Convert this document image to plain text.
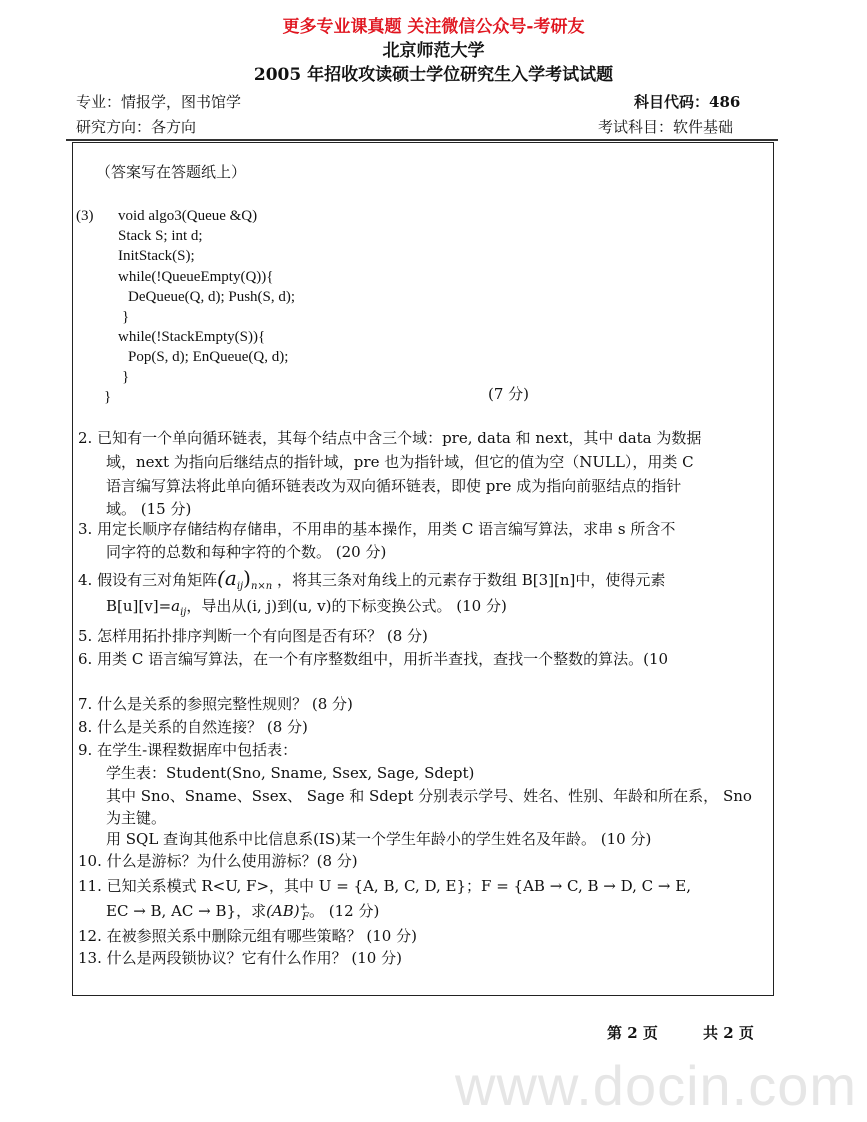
www.docin.com
更多专业课真题 关注微信公众号-考研友
北京师范大学
2005 年招收攻读硕士学位研究生入学考试试题
专业：情报学，图书馆学	科目代码：486
研究方向：各方向	考试科目：软件基础
（答案写在答题纸上）
(3) void algo3(Queue &Q)
Stack S; int d;
InitStack(S);
while(!QueueEmpty(Q)){
DeQueue(Q, d); Push(S, d);
}
while(!StackEmpty(S)){
Pop(S, d); EnQueue(Q, d);
}
}	(7 分)
2. 已知有一个单向循环链表，其每个结点中含三个域：pre, data 和 next，其中 data 为数据
域，next 为指向后继结点的指针域，pre 也为指针域，但它的值为空（NULL），用类 C
语言编写算法将此单向循环链表改为双向循环链表，即使 pre 成为指向前驱结点的指针
域。 (15 分)
3. 用定长顺序存储结构存储串，不用串的基本操作，用类 C 语言编写算法，求串 s 所含不
同字符的总数和每种字符的个数。 (20 分)
4. 假设有三对角矩阵$(a_{ij})_{n\times n}$ ，将其三条对角线上的元素存于数组 B[3][n]中，使得元素
$B[u][v]=a_{ij}$，导出从(i, j)到(u, v)的下标变换公式。 (10 分)
5. 怎样用拓扑排序判断一个有向图是否有环？ (8 分)
6. 用类 C 语言编写算法，在一个有序整数组中，用折半查找，查找一个整数的算法。(10
7. 什么是关系的参照完整性规则？ (8 分)
8. 什么是关系的自然连接？ (8 分)
9. 在学生-课程数据库中包括表：
学生表：Student(Sno, Sname, Ssex, Sage, Sdept)
其中 Sno、Sname、Ssex、 Sage 和 Sdept 分别表示学号、姓名、性别、年龄和所在系， Sno
为主键。
用 SQL 查询其他系中比信息系(IS)某一个学生年龄小的学生姓名及年龄。 (10 分)
10. 什么是游标？为什么使用游标？(8 分)
11. 已知关系模式 R<U, F>，其中 U = {A, B, C, D, E}；F = {AB → C, B → D, C → E,
EC → B, AC → B}，求$(AB)^+_F$。 (12 分)
12. 在被参照关系中删除元组有哪些策略？ (10 分)
13. 什么是两段锁协议？它有什么作用？ (10 分)
第 2 页	共 2 页
